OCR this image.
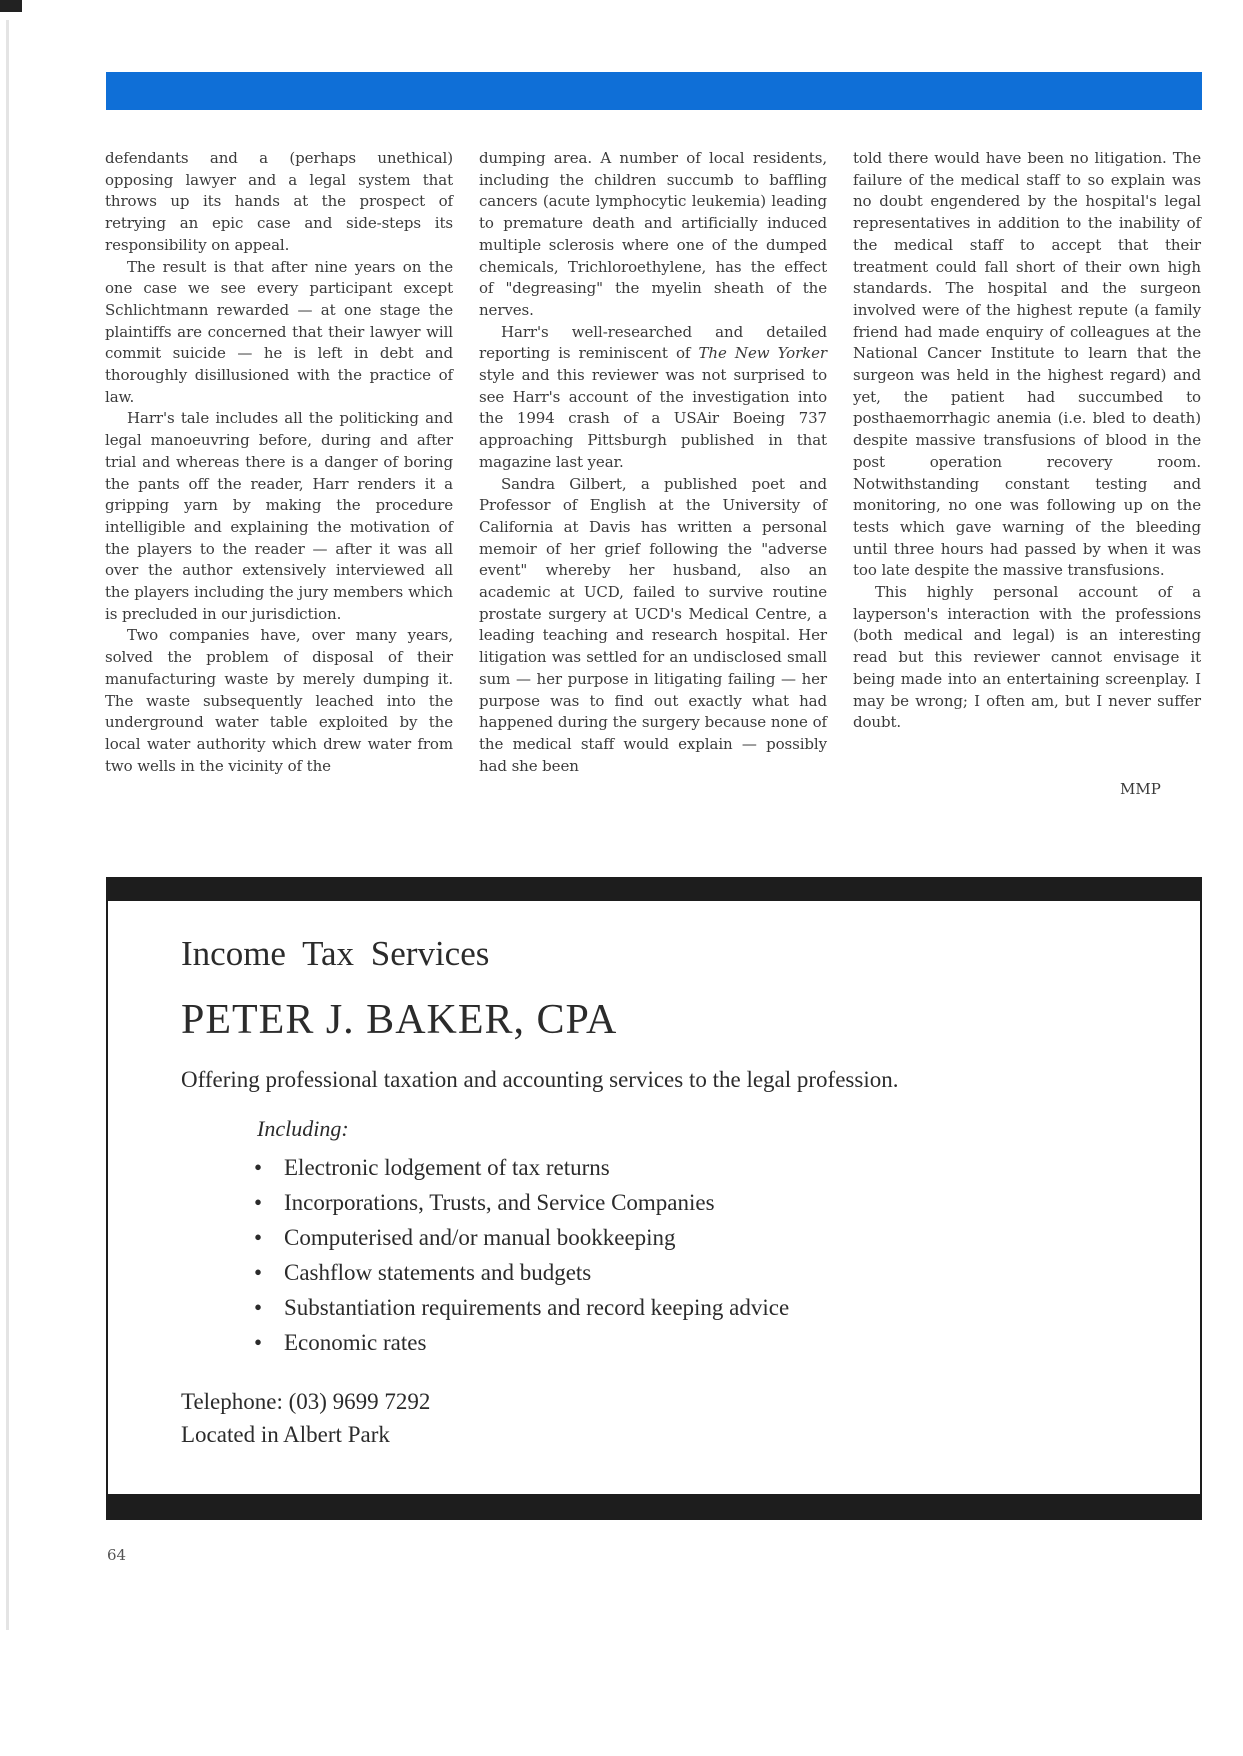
defendants and a (perhaps unethical) opposing lawyer and a legal system that throws up its hands at the prospect of retrying an epic case and side-steps its responsibility on appeal.

The result is that after nine years on the one case we see every participant except Schlichtmann rewarded — at one stage the plaintiffs are concerned that their lawyer will commit suicide — he is left in debt and thoroughly disillusioned with the practice of law.

Harr's tale includes all the politicking and legal manoeuvring before, during and after trial and whereas there is a danger of boring the pants off the reader, Harr renders it a gripping yarn by making the procedure intelligible and explaining the motivation of the players to the reader — after it was all over the author extensively interviewed all the players including the jury members which is precluded in our jurisdiction.

Two companies have, over many years, solved the problem of disposal of their manufacturing waste by merely dumping it. The waste subsequently leached into the underground water table exploited by the local water authority which drew water from two wells in the vicinity of the

dumping area. A number of local residents, including the children succumb to baffling cancers (acute lymphocytic leukemia) leading to premature death and artificially induced multiple sclerosis where one of the dumped chemicals, Trichloroethylene, has the effect of "degreasing" the myelin sheath of the nerves.

Harr's well-researched and detailed reporting is reminiscent of The New Yorker style and this reviewer was not surprised to see Harr's account of the investigation into the 1994 crash of a USAir Boeing 737 approaching Pittsburgh published in that magazine last year.

Sandra Gilbert, a published poet and Professor of English at the University of California at Davis has written a personal memoir of her grief following the "adverse event" whereby her husband, also an academic at UCD, failed to survive routine prostate surgery at UCD's Medical Centre, a leading teaching and research hospital. Her litigation was settled for an undisclosed small sum — her purpose in litigating failing — her purpose was to find out exactly what had happened during the surgery because none of the medical staff would explain — possibly had she been

told there would have been no litigation. The failure of the medical staff to so explain was no doubt engendered by the hospital's legal representatives in addition to the inability of the medical staff to accept that their treatment could fall short of their own high standards. The hospital and the surgeon involved were of the highest repute (a family friend had made enquiry of colleagues at the National Cancer Institute to learn that the surgeon was held in the highest regard) and yet, the patient had succumbed to posthaemorrhagic anemia (i.e. bled to death) despite massive transfusions of blood in the post operation recovery room. Notwithstanding constant testing and monitoring, no one was following up on the tests which gave warning of the bleeding until three hours had passed by when it was too late despite the massive transfusions.

This highly personal account of a layperson's interaction with the professions (both medical and legal) is an interesting read but this reviewer cannot envisage it being made into an entertaining screenplay. I may be wrong; I often am, but I never suffer doubt.

MMP
Income Tax Services
PETER J. BAKER, CPA
Offering professional taxation and accounting services to the legal profession.
Including:
• Electronic lodgement of tax returns
• Incorporations, Trusts, and Service Companies
• Computerised and/or manual bookkeeping
• Cashflow statements and budgets
• Substantiation requirements and record keeping advice
• Economic rates
Telephone: (03) 9699 7292
Located in Albert Park
64
